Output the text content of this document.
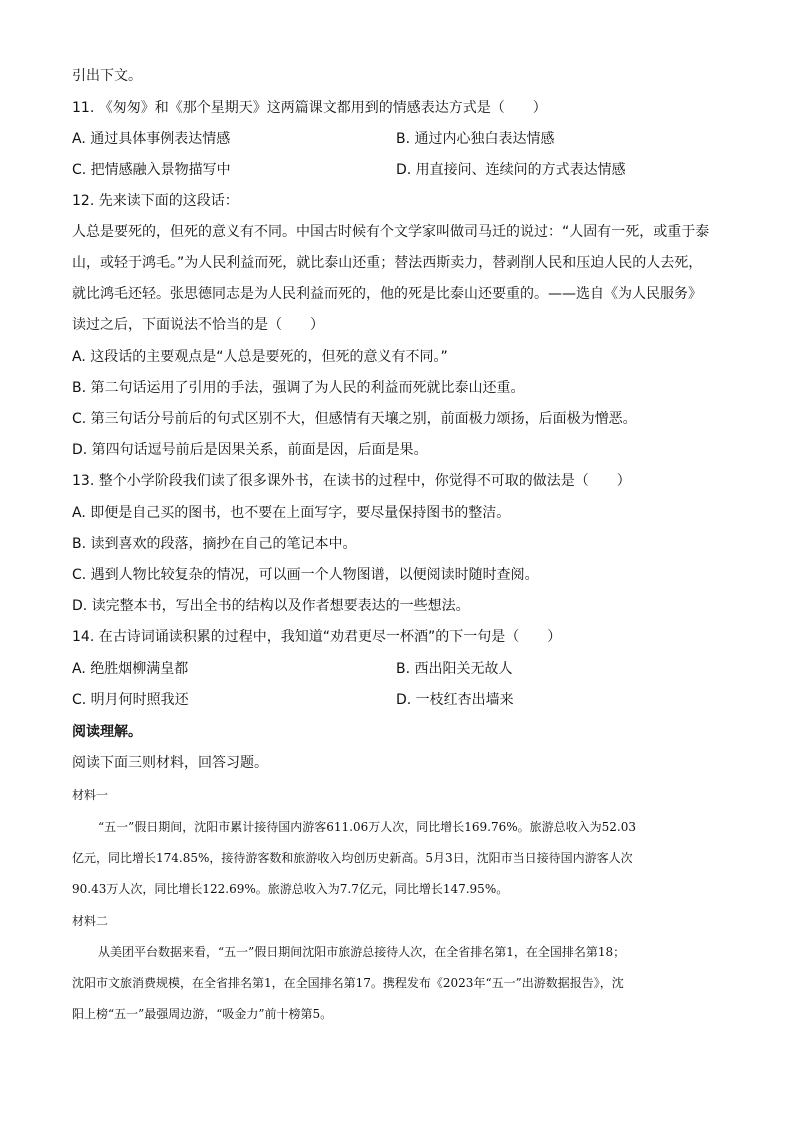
引出下文。
11. 《匆匆》和《那个星期天》这两篇课文都用到的情感表达方式是（　　）
A. 通过具体事例表达情感	B. 通过内心独白表达情感
C. 把情感融入景物描写中	D. 用直接问、连续问的方式表达情感
12. 先来读下面的这段话：
人总是要死的，但死的意义有不同。中国古时候有个文学家叫做司马迁的说过：“人固有一死，或重于泰
山，或轻于鸿毛。”为人民利益而死，就比泰山还重；替法西斯卖力，替剥削人民和压迫人民的人去死，
就比鸿毛还轻。张思德同志是为人民利益而死的，他的死是比泰山还要重的。——选自《为人民服务》
读过之后，下面说法不恰当的是（　　）
A. 这段话的主要观点是“人总是要死的，但死的意义有不同。”
B. 第二句话运用了引用的手法，强调了为人民的利益而死就比泰山还重。
C. 第三句话分号前后的句式区别不大，但感情有天壤之别，前面极力颂扬，后面极为憎恶。
D. 第四句话逗号前后是因果关系，前面是因，后面是果。
13. 整个小学阶段我们读了很多课外书，在读书的过程中，你觉得不可取的做法是（　　）
A. 即便是自己买的图书，也不要在上面写字，要尽量保持图书的整洁。
B. 读到喜欢的段落，摘抄在自己的笔记本中。
C. 遇到人物比较复杂的情况，可以画一个人物图谱，以便阅读时随时查阅。
D. 读完整本书，写出全书的结构以及作者想要表达的一些想法。
14. 在古诗词诵读积累的过程中，我知道“劝君更尽一杯酒”的下一句是（　　）
A. 绝胜烟柳满皇都	B. 西出阳关无故人
C. 明月何时照我还	D. 一枝红杏出墙来
阅读理解。
阅读下面三则材料，回答习题。
材料一
“五一”假日期间，沈阳市累计接待国内游客611.06万人次，同比增长169.76%。旅游总收入为52.03
亿元，同比增长174.85%，接待游客数和旅游收入均创历史新高。5月3日，沈阳市当日接待国内游客人次
90.43万人次，同比增长122.69%。旅游总收入为7.7亿元，同比增长147.95%。
材料二
从美团平台数据来看，“五一”假日期间沈阳市旅游总接待人次，在全省排名第1，在全国排名第18；
沈阳市文旅消费规模，在全省排名第1，在全国排名第17。携程发布《2023年“五一”出游数据报告》，沈
阳上榜“五一”最强周边游，“吸金力”前十榜第5。
